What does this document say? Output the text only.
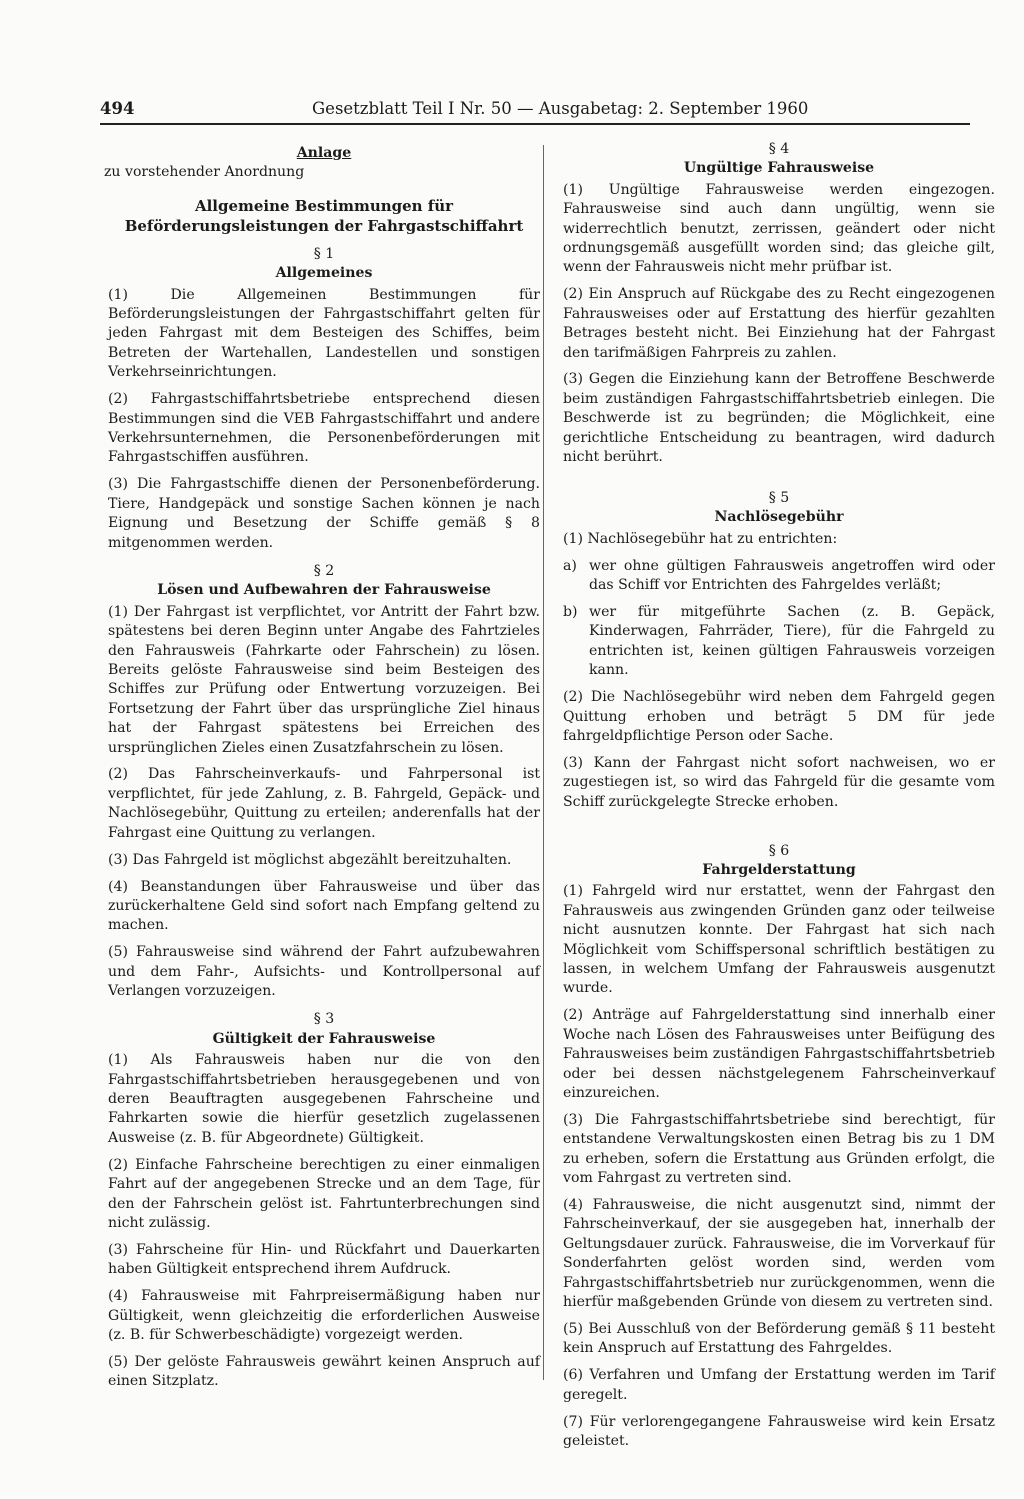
494	Gesetzblatt Teil I Nr. 50 — Ausgabetag: 2. September 1960
Anlage
zu vorstehender Anordnung
Allgemeine Bestimmungen für Beförderungsleistungen der Fahrgastschiffahrt
§ 1
Allgemeines

(1) Die Allgemeinen Bestimmungen für Beförderungsleistungen der Fahrgastschiffahrt gelten für jeden Fahrgast mit dem Besteigen des Schiffes, beim Betreten der Wartehallen, Landestellen und sonstigen Verkehrseinrichtungen.

(2) Fahrgastschiffahrtsbetriebe entsprechend diesen Bestimmungen sind die VEB Fahrgastschiffahrt und andere Verkehrsunternehmen, die Personenbeförderungen mit Fahrgastschiffen ausführen.

(3) Die Fahrgastschiffe dienen der Personenbeförderung. Tiere, Handgepäck und sonstige Sachen können je nach Eignung und Besetzung der Schiffe gemäß § 8 mitgenommen werden.

§ 2
Lösen und Aufbewahren der Fahrausweise

(1) Der Fahrgast ist verpflichtet, vor Antritt der Fahrt bzw. spätestens bei deren Beginn unter Angabe des Fahrtzieles den Fahrausweis (Fahrkarte oder Fahrschein) zu lösen. Bereits gelöste Fahrausweise sind beim Besteigen des Schiffes zur Prüfung oder Entwertung vorzuzeigen. Bei Fortsetzung der Fahrt über das ursprüngliche Ziel hinaus hat der Fahrgast spätestens bei Erreichen des ursprünglichen Zieles einen Zusatzfahrschein zu lösen.

(2) Das Fahrscheinverkaufs- und Fahrpersonal ist verpflichtet, für jede Zahlung, z. B. Fahrgeld, Gepäck- und Nachlösegebühr, Quittung zu erteilen; anderenfalls hat der Fahrgast eine Quittung zu verlangen.

(3) Das Fahrgeld ist möglichst abgezählt bereitzuhalten.

(4) Beanstandungen über Fahrausweise und über das zurückerhaltene Geld sind sofort nach Empfang geltend zu machen.

(5) Fahrausweise sind während der Fahrt aufzubewahren und dem Fahr-, Aufsichts- und Kontrollpersonal auf Verlangen vorzuzeigen.

§ 3
Gültigkeit der Fahrausweise

(1) Als Fahrausweis haben nur die von den Fahrgastschiffahrtsbetrieben herausgegebenen und von deren Beauftragten ausgegebenen Fahrscheine und Fahrkarten sowie die hierfür gesetzlich zugelassenen Ausweise (z. B. für Abgeordnete) Gültigkeit.

(2) Einfache Fahrscheine berechtigen zu einer einmaligen Fahrt auf der angegebenen Strecke und an dem Tage, für den der Fahrschein gelöst ist. Fahrtunterbrechungen sind nicht zulässig.

(3) Fahrscheine für Hin- und Rückfahrt und Dauerkarten haben Gültigkeit entsprechend ihrem Aufdruck.

(4) Fahrausweise mit Fahrpreisermäßigung haben nur Gültigkeit, wenn gleichzeitig die erforderlichen Ausweise (z. B. für Schwerbeschädigte) vorgezeigt werden.

(5) Der gelöste Fahrausweis gewährt keinen Anspruch auf einen Sitzplatz.

§ 4
Ungültige Fahrausweise

(1) Ungültige Fahrausweise werden eingezogen. Fahrausweise sind auch dann ungültig, wenn sie widerrechtlich benutzt, zerrissen, geändert oder nicht ordnungsgemäß ausgefüllt worden sind; das gleiche gilt, wenn der Fahrausweis nicht mehr prüfbar ist.

(2) Ein Anspruch auf Rückgabe des zu Recht eingezogenen Fahrausweises oder auf Erstattung des hierfür gezahlten Betrages besteht nicht. Bei Einziehung hat der Fahrgast den tarifmäßigen Fahrpreis zu zahlen.

(3) Gegen die Einziehung kann der Betroffene Beschwerde beim zuständigen Fahrgastschiffahrtsbetrieb einlegen. Die Beschwerde ist zu begründen; die Möglichkeit, eine gerichtliche Entscheidung zu beantragen, wird dadurch nicht berührt.

§ 5
Nachlösegebühr

(1) Nachlösegebühr hat zu entrichten:

a) wer ohne gültigen Fahrausweis angetroffen wird oder das Schiff vor Entrichten des Fahrgeldes verläßt;
b) wer für mitgeführte Sachen (z. B. Gepäck, Kinderwagen, Fahrräder, Tiere), für die Fahrgeld zu entrichten ist, keinen gültigen Fahrausweis vorzeigen kann.

(2) Die Nachlösegebühr wird neben dem Fahrgeld gegen Quittung erhoben und beträgt 5 DM für jede fahrgeldpflichtige Person oder Sache.

(3) Kann der Fahrgast nicht sofort nachweisen, wo er zugestiegen ist, so wird das Fahrgeld für die gesamte vom Schiff zurückgelegte Strecke erhoben.

§ 6
Fahrgelderstattung

(1) Fahrgeld wird nur erstattet, wenn der Fahrgast den Fahrausweis aus zwingenden Gründen ganz oder teilweise nicht ausnutzen konnte. Der Fahrgast hat sich nach Möglichkeit vom Schiffspersonal schriftlich bestätigen zu lassen, in welchem Umfang der Fahrausweis ausgenutzt wurde.

(2) Anträge auf Fahrgelderstattung sind innerhalb einer Woche nach Lösen des Fahrausweises unter Beifügung des Fahrausweises beim zuständigen Fahrgastschiffahrtsbetrieb oder bei dessen nächstgelegenem Fahrscheinverkauf einzureichen.

(3) Die Fahrgastschiffahrtsbetriebe sind berechtigt, für entstandene Verwaltungskosten einen Betrag bis zu 1 DM zu erheben, sofern die Erstattung aus Gründen erfolgt, die vom Fahrgast zu vertreten sind.

(4) Fahrausweise, die nicht ausgenutzt sind, nimmt der Fahrscheinverkauf, der sie ausgegeben hat, innerhalb der Geltungsdauer zurück. Fahrausweise, die im Vorverkauf für Sonderfahrten gelöst worden sind, werden vom Fahrgastschiffahrtsbetrieb nur zurückgenommen, wenn die hierfür maßgebenden Gründe von diesem zu vertreten sind.

(5) Bei Ausschluß von der Beförderung gemäß § 11 besteht kein Anspruch auf Erstattung des Fahrgeldes.

(6) Verfahren und Umfang der Erstattung werden im Tarif geregelt.

(7) Für verlorengegangene Fahrausweise wird kein Ersatz geleistet.
